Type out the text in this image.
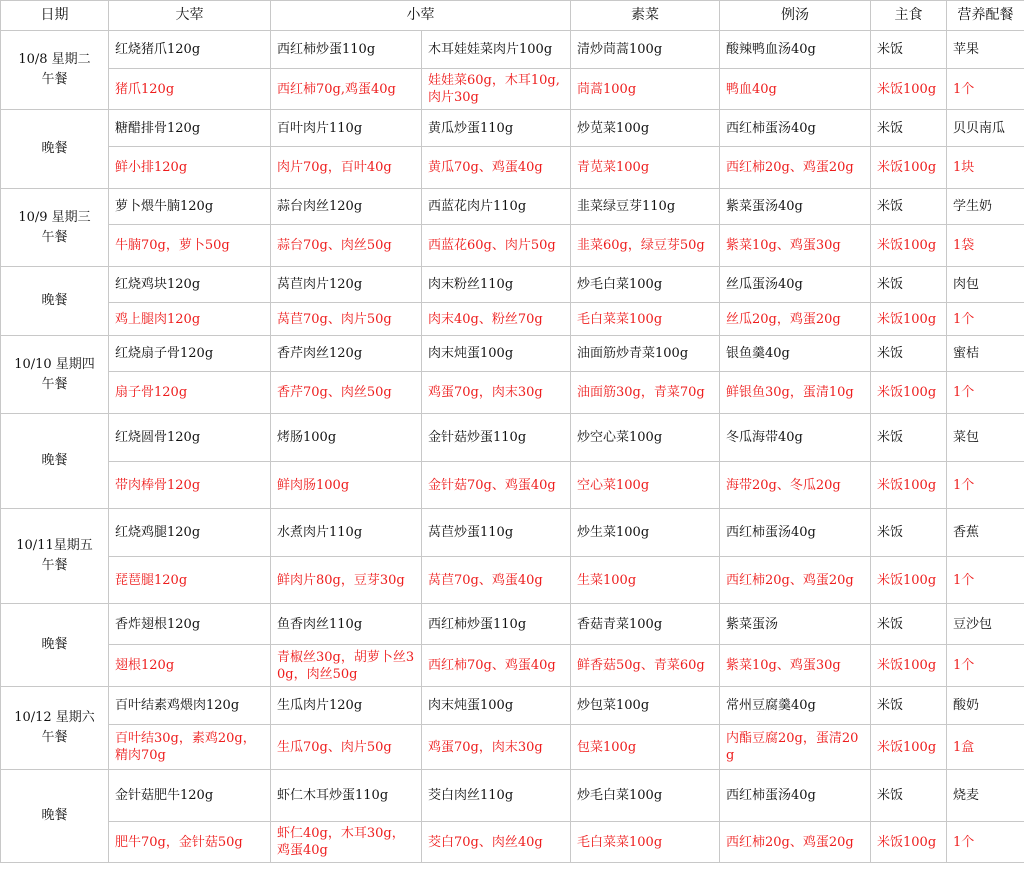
日期	大荤	小荤		素菜	例汤	主食	营养配餐

10/8 星期二
午餐	红烧猪爪120g	西红柿炒蛋110g	木耳娃娃菜肉片100g	清炒茼蒿100g	酸辣鸭血汤40g	米饭	苹果
	猪爪120g	西红柿70g,鸡蛋40g	娃娃菜60g，木耳10g,肉片30g	茼蒿100g	鸭血40g	米饭100g	1个

晚餐	糖醋排骨120g	百叶肉片110g	黄瓜炒蛋110g	炒苋菜100g	西红柿蛋汤40g	米饭	贝贝南瓜
	鲜小排120g	肉片70g，百叶40g	黄瓜70g、鸡蛋40g	青苋菜100g	西红柿20g、鸡蛋20g	米饭100g	1块

10/9 星期三
午餐	萝卜煨牛腩120g	蒜台肉丝120g	西蓝花肉片110g	韭菜绿豆芽110g	紫菜蛋汤40g	米饭	学生奶
	牛腩70g，萝卜50g	蒜台70g、肉丝50g	西蓝花60g、肉片50g	韭菜60g，绿豆芽50g	紫菜10g、鸡蛋30g	米饭100g	1袋

晚餐	红烧鸡块120g	莴苣肉片120g	肉末粉丝110g	炒毛白菜100g	丝瓜蛋汤40g	米饭	肉包
	鸡上腿肉120g	莴苣70g、肉片50g	肉末40g、粉丝70g	毛白菜菜100g	丝瓜20g，鸡蛋20g	米饭100g	1个

10/10 星期四
午餐	红烧扇子骨120g	香芹肉丝120g	肉末炖蛋100g	油面筋炒青菜100g	银鱼羹40g	米饭	蜜桔
	扇子骨120g	香芹70g、肉丝50g	鸡蛋70g，肉末30g	油面筋30g，青菜70g	鲜银鱼30g，蛋清10g	米饭100g	1个

晚餐	红烧圆骨120g	烤肠100g	金针菇炒蛋110g	炒空心菜100g	冬瓜海带40g	米饭	菜包
	带肉棒骨120g	鲜肉肠100g	金针菇70g、鸡蛋40g	空心菜100g	海带20g、冬瓜20g	米饭100g	1个

10/11星期五
午餐	红烧鸡腿120g	水煮肉片110g	莴苣炒蛋110g	炒生菜100g	西红柿蛋汤40g	米饭	香蕉
	琵琶腿120g	鲜肉片80g，豆芽30g	莴苣70g、鸡蛋40g	生菜100g	西红柿20g、鸡蛋20g	米饭100g	1个

晚餐	香炸翅根120g	鱼香肉丝110g	西红柿炒蛋110g	香菇青菜100g	紫菜蛋汤	米饭	豆沙包
	翅根120g	青椒丝30g，胡萝卜丝30g，肉丝50g	西红柿70g、鸡蛋40g	鲜香菇50g、青菜60g	紫菜10g、鸡蛋30g	米饭100g	1个

10/12 星期六
午餐	百叶结素鸡煨肉120g	生瓜肉片120g	肉末炖蛋100g	炒包菜100g	常州豆腐羹40g	米饭	酸奶
	百叶结30g，素鸡20g，精肉70g	生瓜70g、肉片50g	鸡蛋70g，肉末30g	包菜100g	内酯豆腐20g，蛋清20g	米饭100g	1盒

晚餐	金针菇肥牛120g	虾仁木耳炒蛋110g	茭白肉丝110g	炒毛白菜100g	西红柿蛋汤40g	米饭	烧麦
	肥牛70g，金针菇50g	虾仁40g，木耳30g，鸡蛋40g	茭白70g、肉丝40g	毛白菜菜100g	西红柿20g、鸡蛋20g	米饭100g	1个
